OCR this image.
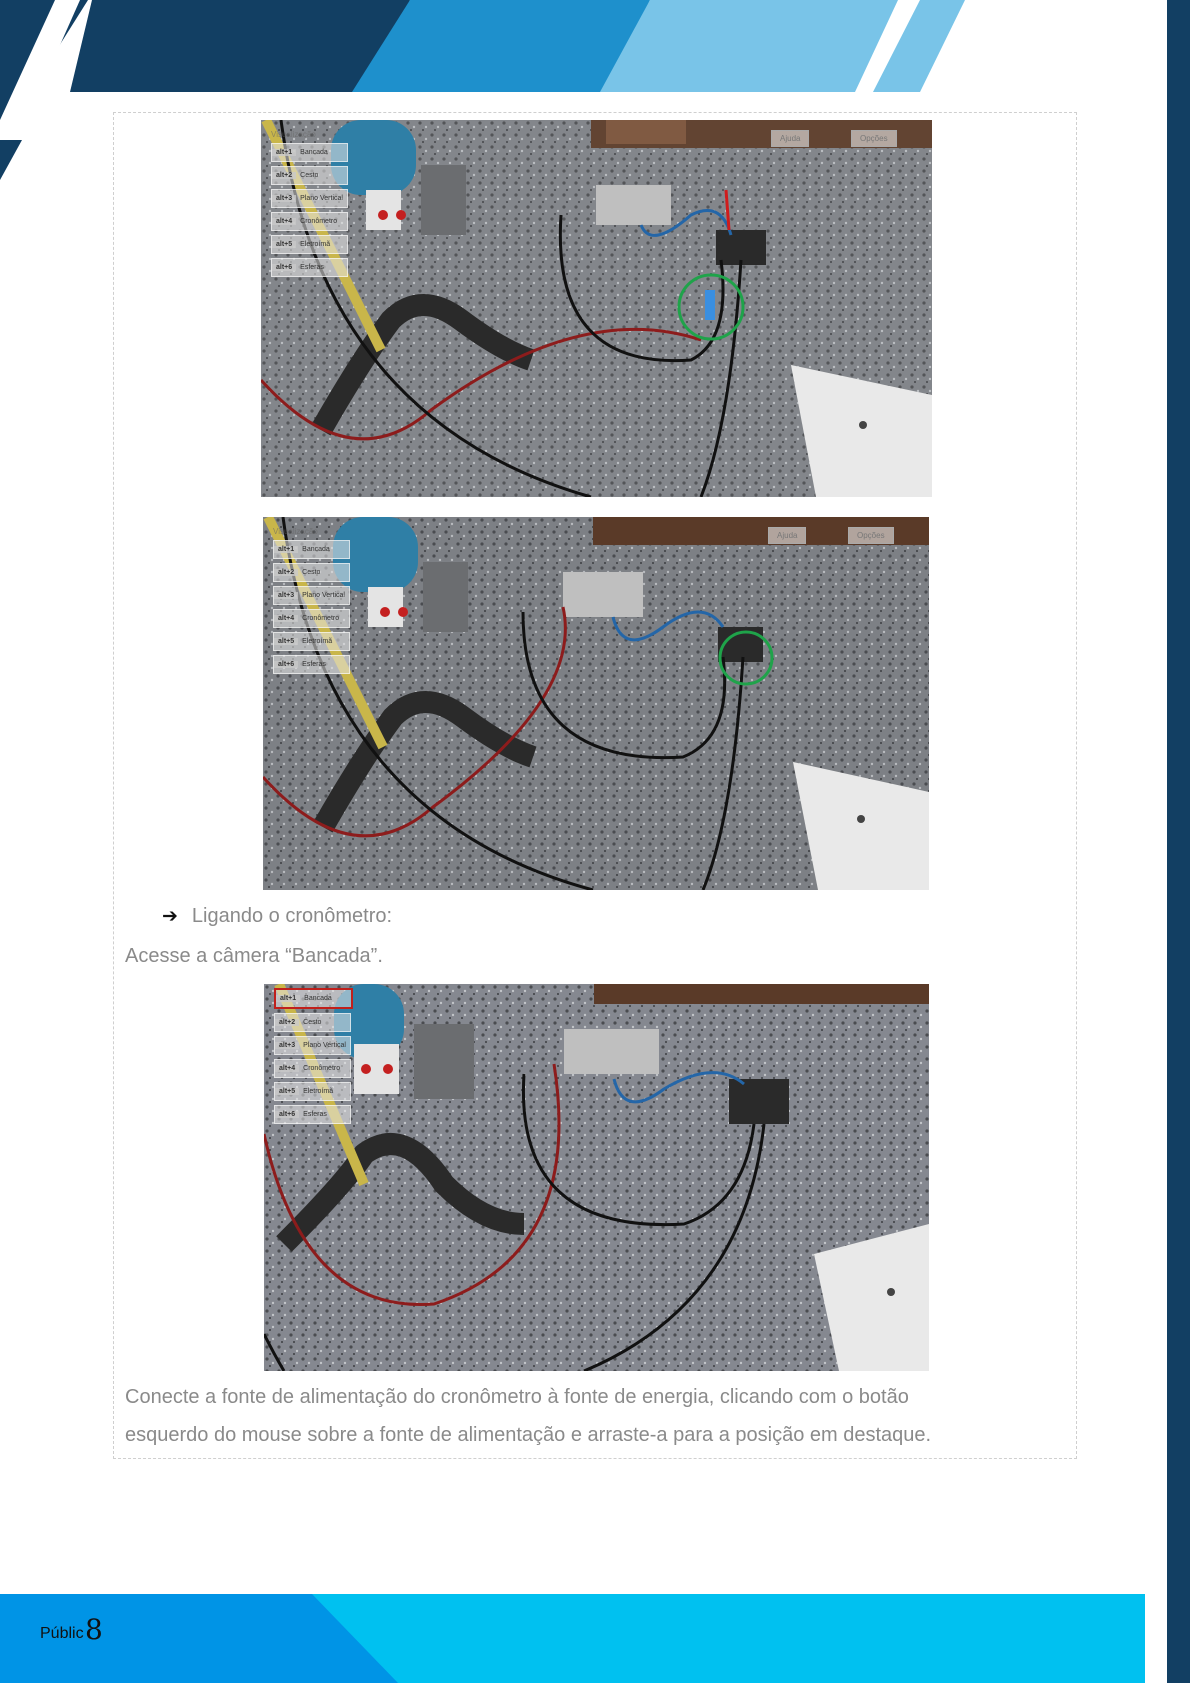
Visualização
alt+1	Bancada
alt+2	Cesto
alt+3	Plano Vertical
alt+4	Cronômetro
alt+5	Eletroímã
alt+6	Esferas
Ajuda	Opções
Visualização
alt+1	Bancada
alt+2	Cesto
alt+3	Plano Vertical
alt+4	Cronômetro
alt+5	Eletroímã
alt+6	Esferas
Ajuda	Opções
➔ Ligando o cronômetro:
Acesse a câmera “Bancada”.
alt+1	Bancada
alt+2	Cesto
alt+3	Plano Vertical
alt+4	Cronômetro
alt+5	Eletroímã
alt+6	Esferas
Conecte a fonte de alimentação do cronômetro à fonte de energia, clicando com o botão
esquerdo do mouse sobre a fonte de alimentação e arraste-a para a posição em destaque.
Públic 8
